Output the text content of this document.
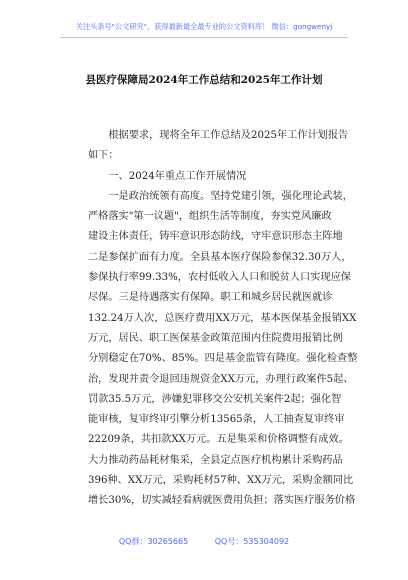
关注头条号"公文研究"，获得最新最全最专业的公文资料库！ 微信：gongwenyj
县医疗保障局2024年工作总结和2025年工作计划
　　根据要求，现将全年工作总结及2025年工作计划报告
如下：
　　一、2024年重点工作开展情况
　　一是政治统领有高度。坚持党建引领，强化理论武装，
严格落实"第一议题"，组织生活等制度，夯实党风廉政
建设主体责任，铸牢意识形态防线，守牢意识形态主阵地
二是参保扩面有力度。全县基本医疗保险参保32.30万人，
参保执行率99.33%，农村低收入人口和脱贫人口实现应保
尽保。三是待遇落实有保障。职工和城乡居民就医就诊
132.24万人次，总医疗费用XX万元，基本医保基金报销XX
万元，居民、职工医保基金政策范围内住院费用报销比例
分别稳定在70%、85%。四是基金监管有隆度。强化检查整
治，发现并责令退回违规资金XX万元，办理行政案件5起、
罚款35.5万元，涉嫌犯罪移交公安机关案件2起；强化智
能审核，复审终审引擎分析13565条，人工抽查复审终审
22209条，共扣款XX万元。五是集采和价格调整有成效。
大力推动药品耗材集采，全县定点医疗机构累计采购药品
396种、XX万元，采购耗材57种、XX万元，采购金额同比
增长30%，切实减轻看病就医费用负担；落实医疗服务价格
QQ群：30265665	QQ号：535304092
